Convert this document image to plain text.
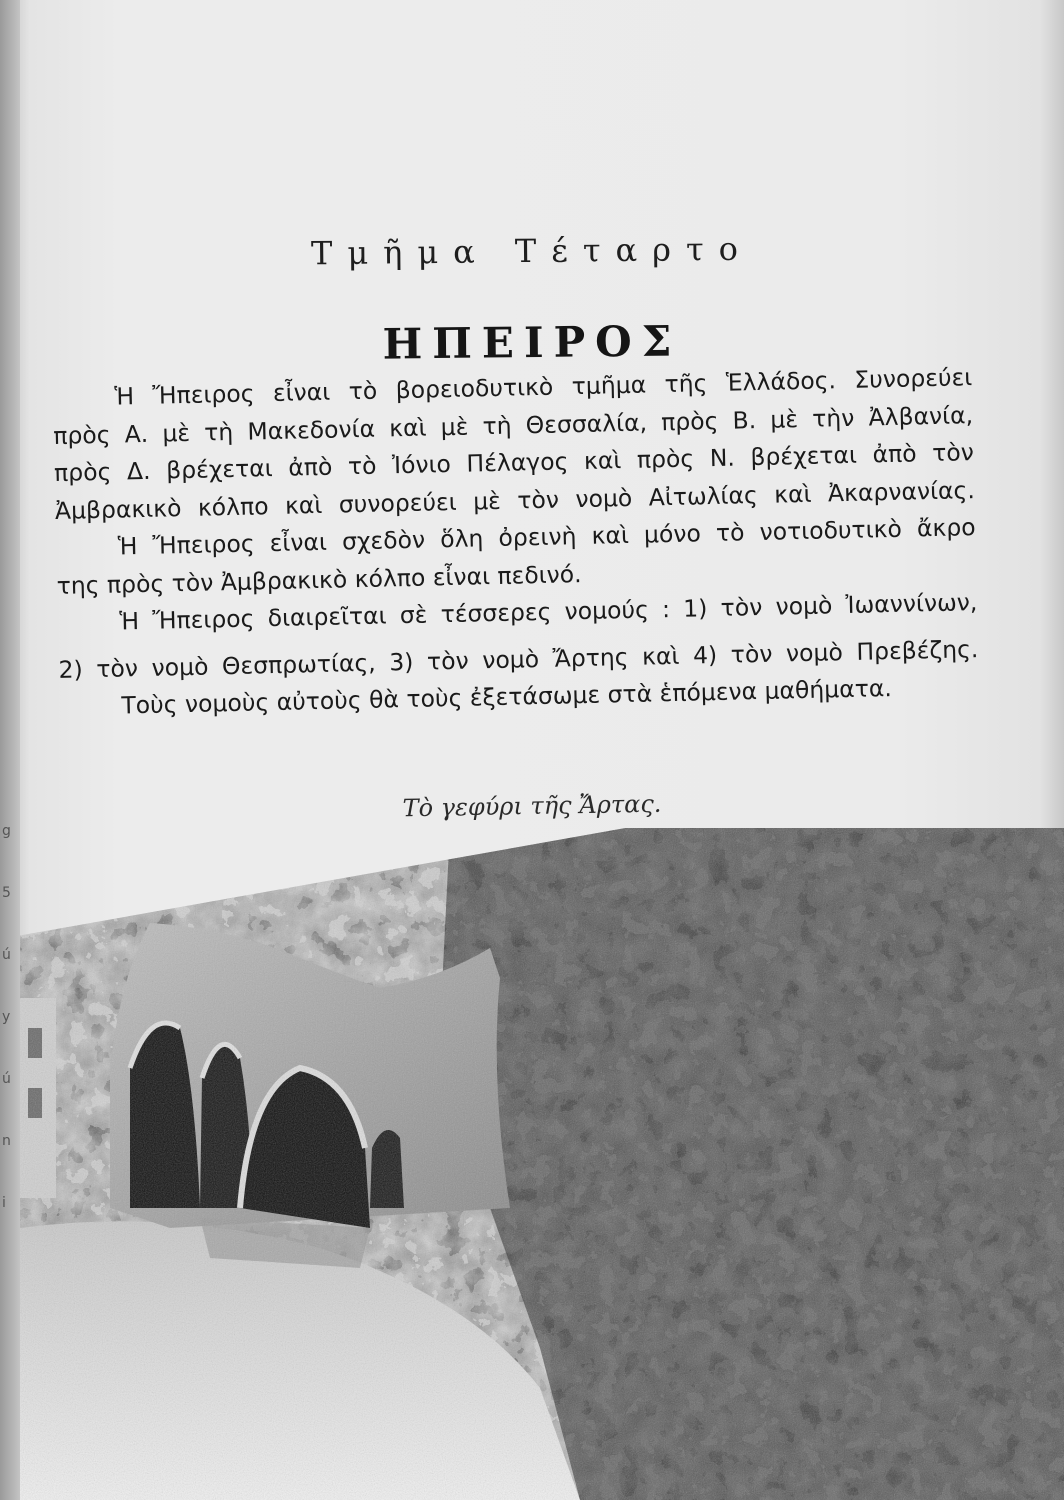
g
5
ú
y
ú
n
i
Τμῆμα Τέταρτο
ΗΠΕΙΡΟΣ
Ἡ Ἤπειρος εἶναι τὸ βορειοδυτικὸ τμῆμα τῆς Ἑλλάδος. Συνορεύει
πρὸς Α. μὲ τὴ Μακεδονία καὶ μὲ τὴ Θεσσαλία, πρὸς Β. μὲ τὴν Ἀλβανία,
πρὸς Δ. βρέχεται ἀπὸ τὸ Ἰόνιο Πέλαγος καὶ πρὸς Ν. βρέχεται ἀπὸ τὸν
Ἀμβρακικὸ κόλπο καὶ συνορεύει μὲ τὸν νομὸ Αἰτωλίας καὶ Ἀκαρνανίας.
Ἡ Ἤπειρος εἶναι σχεδὸν ὅλη ὀρεινὴ καὶ μόνο τὸ νοτιοδυτικὸ ἄκρο
της πρὸς τὸν Ἀμβρακικὸ κόλπο εἶναι πεδινό.
Ἡ Ἤπειρος διαιρεῖται σὲ τέσσερες νομούς : 1) τὸν νομὸ Ἰωαννίνων,
2) τὸν νομὸ Θεσπρωτίας, 3) τὸν νομὸ Ἄρτης καὶ 4) τὸν νομὸ Πρεβέζης.
Τοὺς νομοὺς αὐτοὺς θὰ τοὺς ἐξετάσωμε στὰ ἑπόμενα μαθήματα.
Τὸ γεφύρι τῆς Ἄρτας.
